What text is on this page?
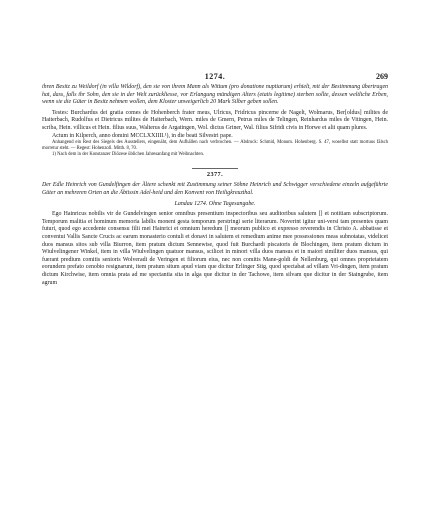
1274.	269

ihren Besitz zu Weildorf (in villa Wildorf), den sie von ihrem Mann als Wittum (pro donatione nuptiarum) erhielt, mit der Bestimmung übertragen hat, dass, falls ihr Sohn, den sie in der Welt zurückliesse, vor Erlangung mündigen Alters (etatis legitime) sterben sollte, dessen weltliche Erben, wenn sie die Güter in Besitz nehmen wollen, dem Kloster unweigerlich 20 Mark Silber geben sollen.

Testes: Burchardus dei gratia comes de Hohenberch frater meus, Ulricus, Fridricus pincerne de Nagelt, Wolmarus, Ber[oldus] milites de Haiterbach, Rudolfus et Dietricus milites de Haiterbach, Wern. miles de Gmern, Petrus miles de Telingen, Reinhardus miles de Vitingen, Hein. scriba, Hein. villicus et Hein. filius suus, Walterus de Argatingen, Wol. dictus Griner, Wal. filius Sifridi civis in Horwe et alii quam plures.

Actum in Kilperch, anno domini MCCLXXIIII.¹), in die beati Silvestri pape.

Anhangend ein Rest des Siegels des Ausstellers, eingenäht, dem Aufhällen nach verbrochen. — Abdruck: Schmid, Monum. Hohenberg. S. 47, woselbst statt mortuus fälsch morretur steht. — Regest: Hohenzoll. Mitth. 8, 70.

1) Nach dem in der Konstanzer Diözese üblichen Jahresanfang mit Weihnachten.

2377.

Der Edle Heinrich von Gundelfingen der Ältere schenkt mit Zustimmung seiner Söhne Heinrich und Schwigger verschiedene einzeln aufgeführte Güter an mehreren Orten an die Äbtissin Adel-heid und den Konvent von Heiligkreuzthal.

Landau 1274. Ohne Tagesangabe.

Ego Hainricus nobilis vir de Gundelvingen senior omnibus presentium inspectoribus seu auditoribus salutem [] et notitiam subscriptorum. Temporum malitia et hominum memoria labilis monent gesta temporum perstringi serie literarum. Noverint igitur uni-versi tam presentes quam futuri, quod ego accedente consensu filii mei Hainrici et omnium heredum [] meorum publico et expresso reverendis in Christo A. abbatisse et conventui Vallis Sancte Crucis ac earum monasterio contuli et donavi in salutem et remedium anime mee possessiones meas subnotatas, videlicet duos mansus sitos sub villa Biurron, item pratum dictum Sennewise, quod fuit Burchardi piscatoris de Blochingen, item pratum dictum in Wiulvelingener Winkel, item in villa Wiulvelingen quatuor mansus, scilicet in minori villa duos mansus et in maiori similiter duos mansus, qui fuerant predium comitis senioris Wolveradi de Veringen et filiorum eius, nec non comitis Mane-goldi de Nellenburg, qui omnes proprietatem eorundem prefato cenobio resignarunt, item pratum situm apud viam que dicitur Erlinger Stig, quod spectabat ad villam Vri-dingen, item pratum dictum Kirchwise, item omnia prata ad me spectantia sita in alga que dicitur in der Tachowe, item silvam que dicitur in der Staingrube, item agrum
